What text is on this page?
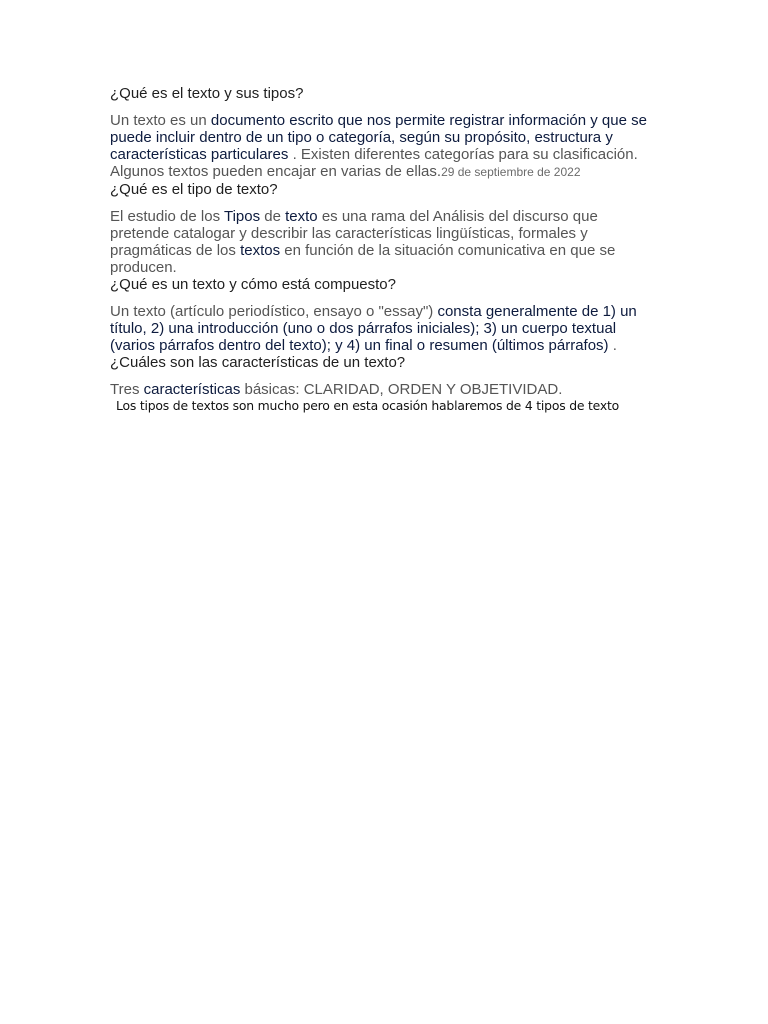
¿Qué es el texto y sus tipos?

Un texto es un documento escrito que nos permite registrar información y que se puede incluir dentro de un tipo o categoría, según su propósito, estructura y características particulares . Existen diferentes categorías para su clasificación. Algunos textos pueden encajar en varias de ellas.29 de septiembre de 2022

¿Qué es el tipo de texto?

El estudio de los Tipos de texto es una rama del Análisis del discurso que pretende catalogar y describir las características lingüísticas, formales y pragmáticas de los textos en función de la situación comunicativa en que se producen.

¿Qué es un texto y cómo está compuesto?

Un texto (artículo periodístico, ensayo o "essay") consta generalmente de 1) un título, 2) una introducción (uno o dos párrafos iniciales); 3) un cuerpo textual (varios párrafos dentro del texto); y 4) un final o resumen (últimos párrafos) .

¿Cuáles son las características de un texto?

Tres características básicas: CLARIDAD, ORDEN Y OBJETIVIDAD.

Los tipos de textos son mucho pero en esta ocasión hablaremos de 4 tipos de texto
